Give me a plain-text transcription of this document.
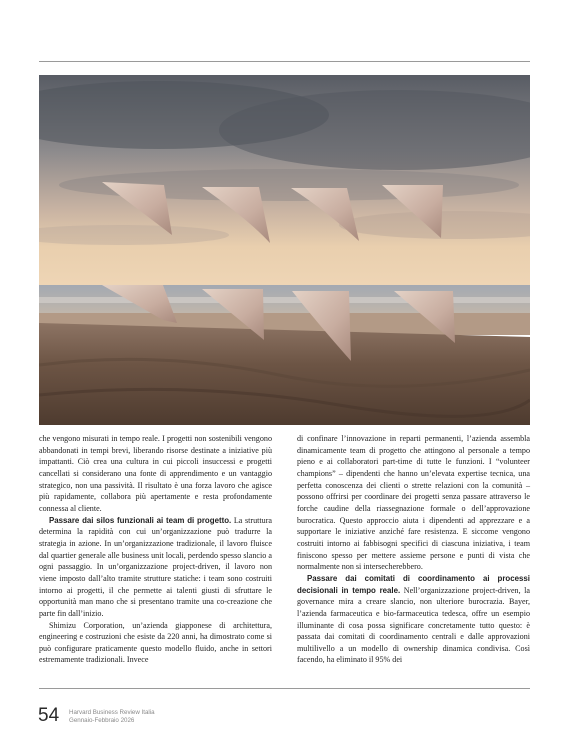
che vengono misurati in tempo reale. I progetti non sostenibili vengono abbandonati in tempi brevi, liberando risorse destinate a iniziative più impattanti. Ciò crea una cultura in cui piccoli insuccessi e progetti cancellati si considerano una fonte di apprendimento e un vantaggio strategico, non una passività. Il risultato è una forza lavoro che agisce più rapidamente, collabora più apertamente e resta profondamente connessa al cliente.

Passare dai silos funzionali ai team di progetto. La struttura determina la rapidità con cui un’organizzazione può tradurre la strategia in azione. In un’organizzazione tradizionale, il lavoro fluisce dal quartier generale alle business unit locali, perdendo spesso slancio a ogni passaggio. In un’organizzazione project-driven, il lavoro non viene imposto dall’alto tramite strutture statiche: i team sono costruiti intorno ai progetti, il che permette ai talenti giusti di sfruttare le opportunità man mano che si presentano tramite una co-creazione che parte fin dall’inizio.

Shimizu Corporation, un’azienda giapponese di architettura, engineering e costruzioni che esiste da 220 anni, ha dimostrato come si può configurare praticamente questo modello fluido, anche in settori estremamente tradizionali. Invece

di confinare l’innovazione in reparti permanenti, l’azienda assembla dinamicamente team di progetto che attingono al personale a tempo pieno e ai collaboratori part-time di tutte le funzioni. I “volunteer champions” – dipendenti che hanno un’elevata expertise tecnica, una perfetta conoscenza dei clienti o strette relazioni con la comunità – possono offrirsi per coordinare dei progetti senza passare attraverso le forche caudine della riassegnazione formale o dell’approvazione burocratica. Questo approccio aiuta i dipendenti ad apprezzare e a supportare le iniziative anziché fare resistenza. E siccome vengono costruiti intorno ai fabbisogni specifici di ciascuna iniziativa, i team finiscono spesso per mettere assieme persone e punti di vista che normalmente non si intersecherebbero.

Passare dai comitati di coordinamento ai processi decisionali in tempo reale. Nell’organizzazione project-driven, la governance mira a creare slancio, non ulteriore burocrazia. Bayer, l’azienda farmaceutica e bio-farmaceutica tedesca, offre un esempio illuminante di cosa possa significare concretamente tutto questo: è passata dai comitati di coordinamento centrali e dalle approvazioni multilivello a un modello di ownership dinamica condivisa. Così facendo, ha eliminato il 95% dei

54 Harvard Business Review Italia
Gennaio-Febbraio 2026
